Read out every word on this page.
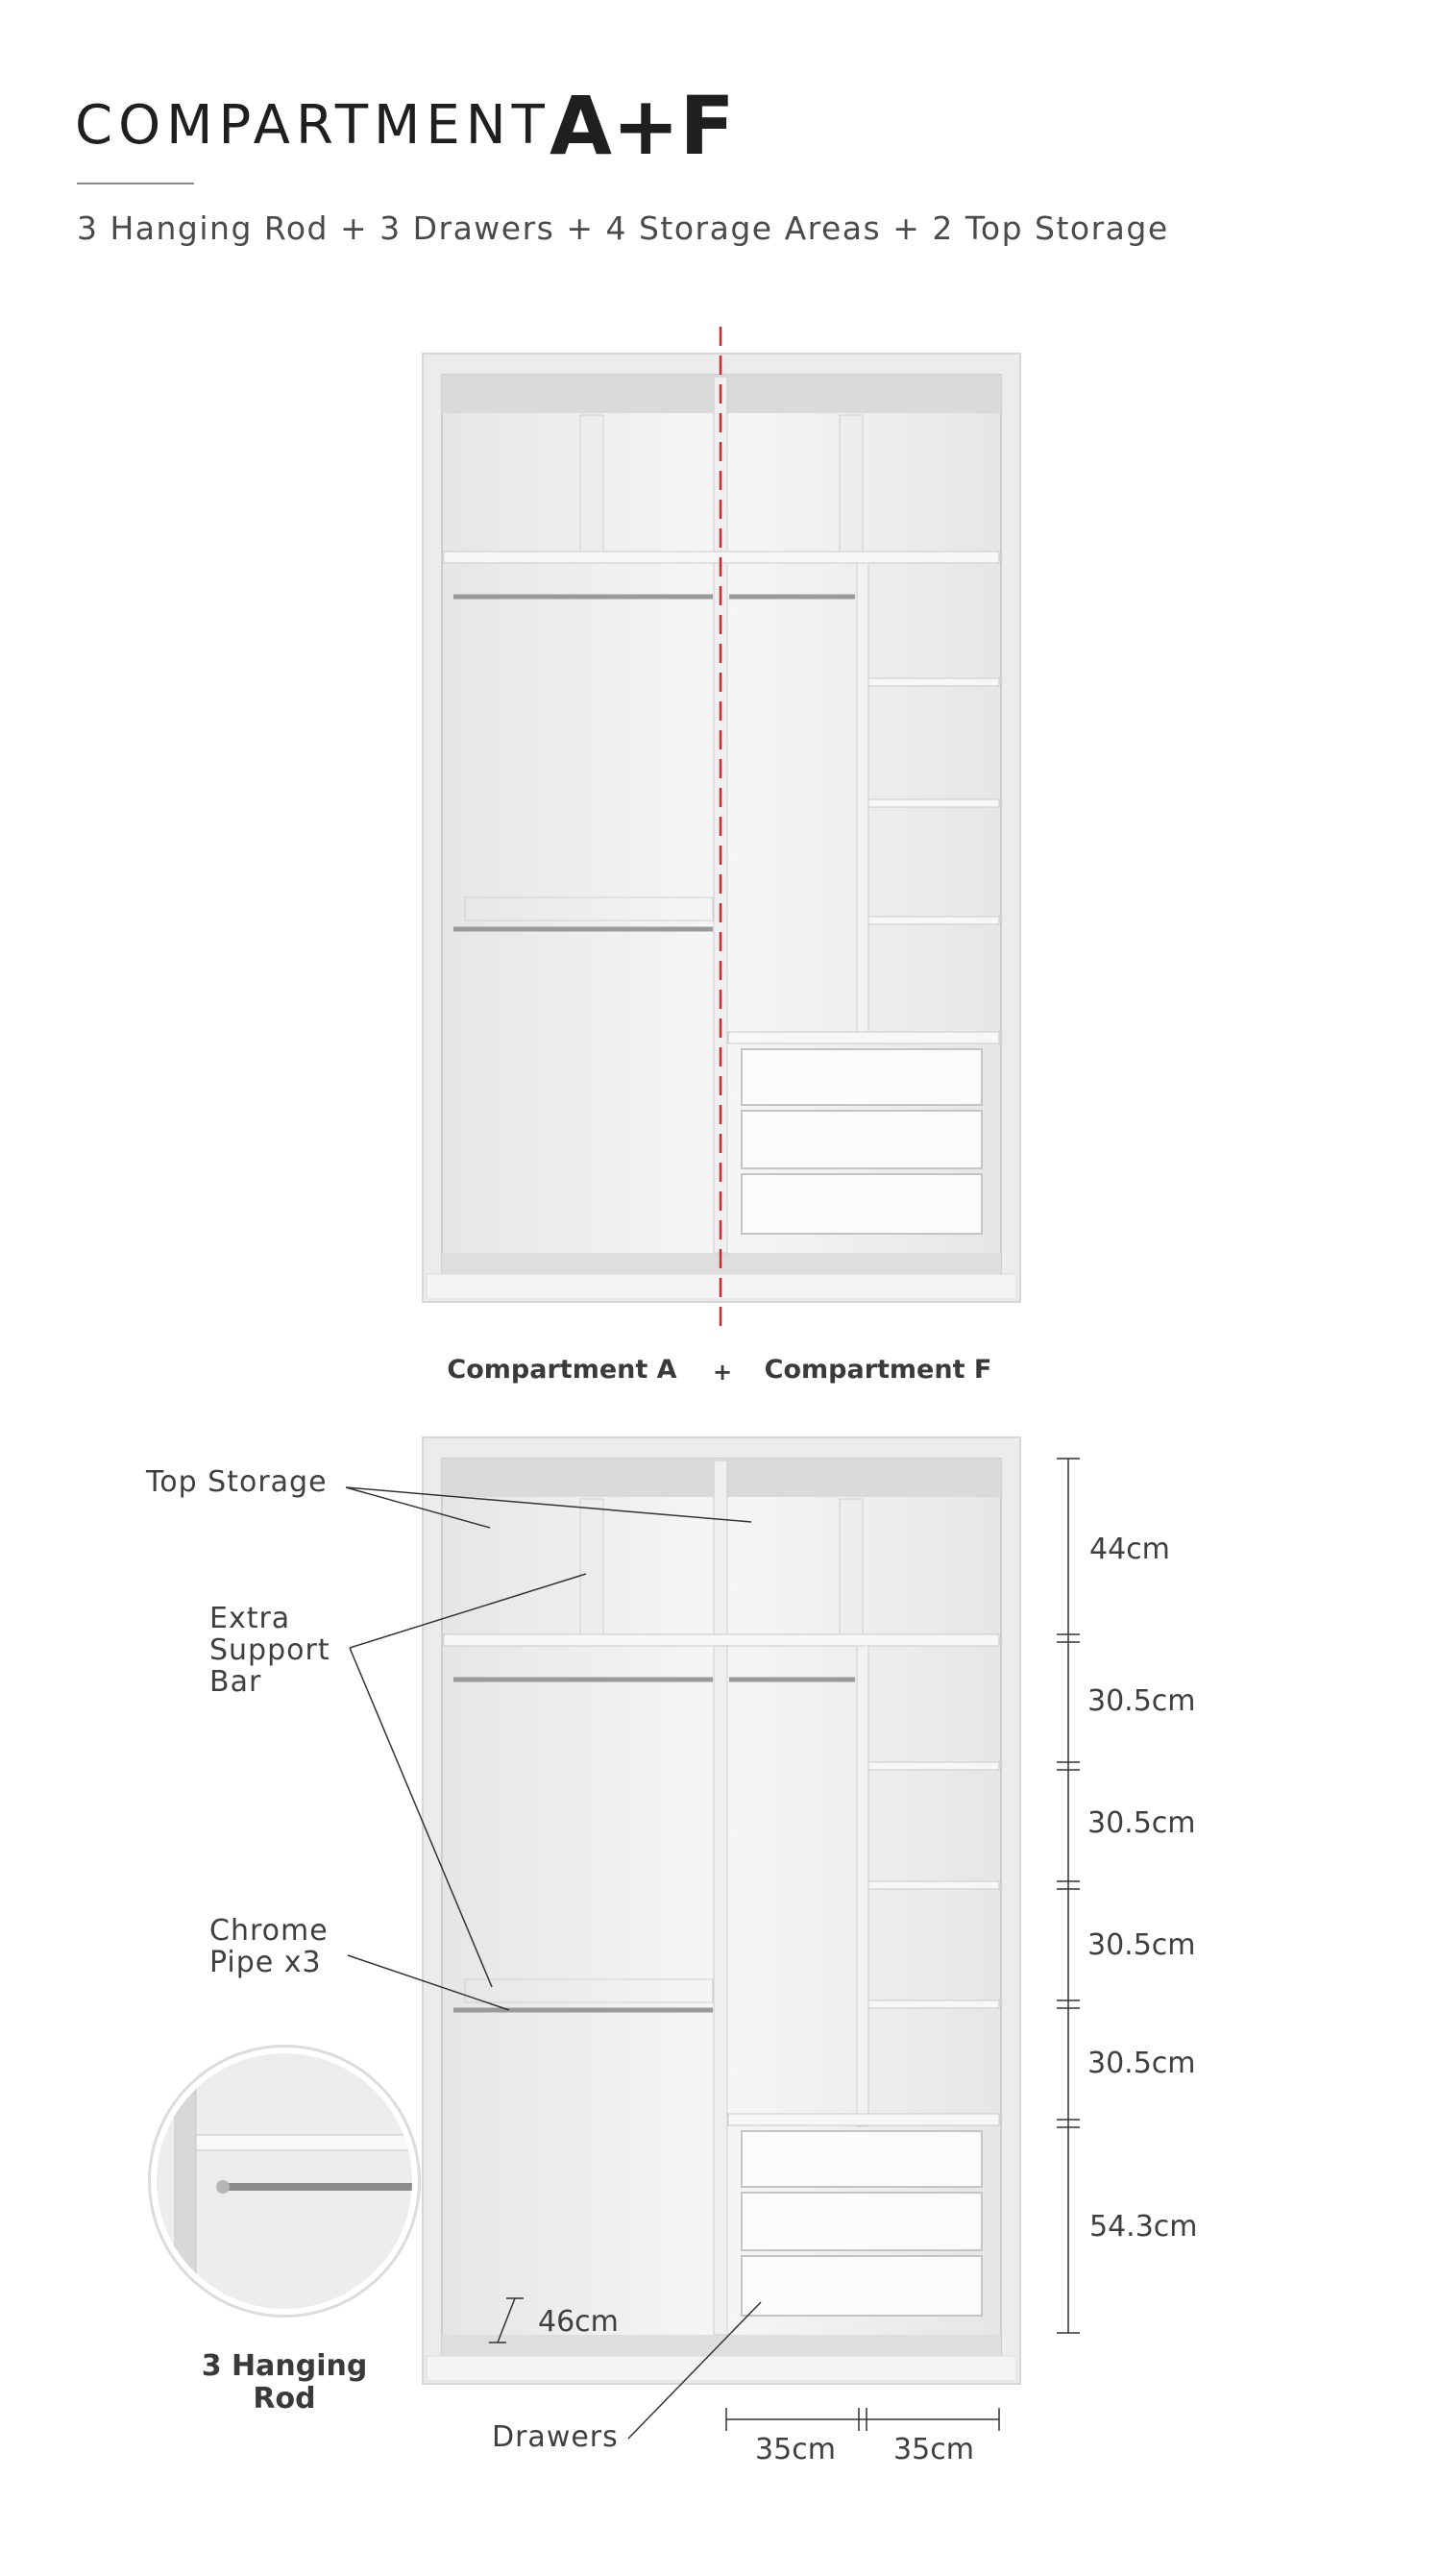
COMPARTMENT A+F
3 Hanging Rod + 3 Drawers + 4 Storage Areas + 2 Top Storage
Compartment A + Compartment F
Top Storage
Extra
Support
Bar
Chrome
Pipe x3
46cm
Drawers
44cm
30.5cm
30.5cm
30.5cm
30.5cm
54.3cm
35cm 35cm
3 Hanging
Rod
